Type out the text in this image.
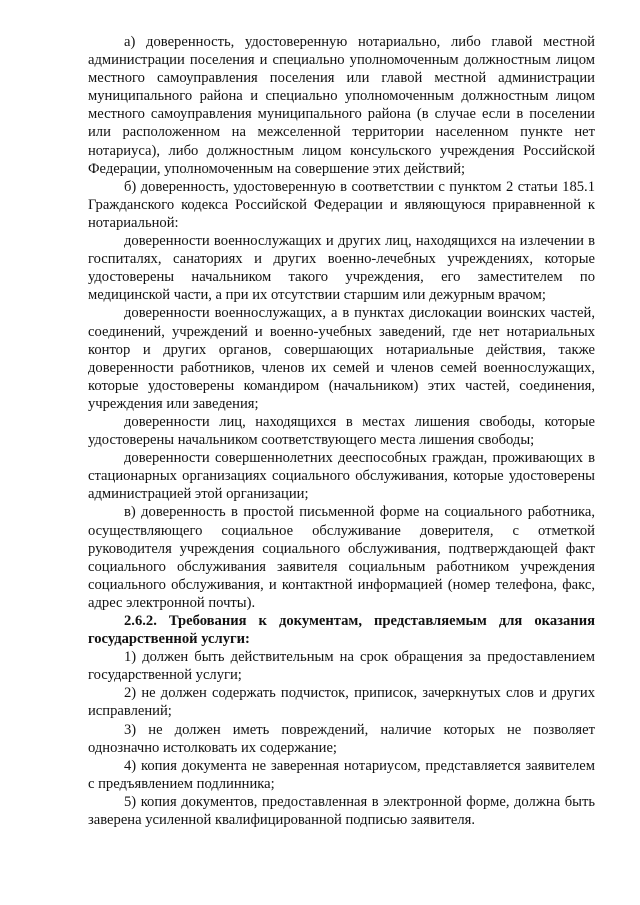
а) доверенность, удостоверенную нотариально, либо главой местной администрации поселения и специально уполномоченным должностным лицом местного самоуправления поселения или главой местной администрации муниципального района и специально уполномоченным должностным лицом местного самоуправления муниципального района (в случае если в поселении или расположенном на межселенной территории населенном пункте нет нотариуса), либо должностным лицом консульского учреждения Российской Федерации, уполномоченным на совершение этих действий;

б) доверенность, удостоверенную в соответствии с пунктом 2 статьи 185.1 Гражданского кодекса Российской Федерации и являющуюся приравненной к нотариальной:

доверенности военнослужащих и других лиц, находящихся на излечении в госпиталях, санаториях и других военно-лечебных учреждениях, которые удостоверены начальником такого учреждения, его заместителем по медицинской части, а при их отсутствии старшим или дежурным врачом;

доверенности военнослужащих, а в пунктах дислокации воинских частей, соединений, учреждений и военно-учебных заведений, где нет нотариальных контор и других органов, совершающих нотариальные действия, также доверенности работников, членов их семей и членов семей военнослужащих, которые удостоверены командиром (начальником) этих частей, соединения, учреждения или заведения;

доверенности лиц, находящихся в местах лишения свободы, которые удостоверены начальником соответствующего места лишения свободы;

доверенности совершеннолетних дееспособных граждан, проживающих в стационарных организациях социального обслуживания, которые удостоверены администрацией этой организации;

в) доверенность в простой письменной форме на социального работника, осуществляющего социальное обслуживание доверителя, с отметкой руководителя учреждения социального обслуживания, подтверждающей факт социального обслуживания заявителя социальным работником учреждения социального обслуживания, и контактной информацией (номер телефона, факс, адрес электронной почты).

2.6.2. Требования к документам, представляемым для оказания государственной услуги:

1) должен быть действительным на срок обращения за предоставлением государственной услуги;

2) не должен содержать подчисток, приписок, зачеркнутых слов и других исправлений;

3) не должен иметь повреждений, наличие которых не позволяет однозначно истолковать их содержание;

4) копия документа не заверенная нотариусом, представляется заявителем с предъявлением подлинника;

5) копия документов, предоставленная в электронной форме, должна быть заверена усиленной квалифицированной подписью заявителя.
